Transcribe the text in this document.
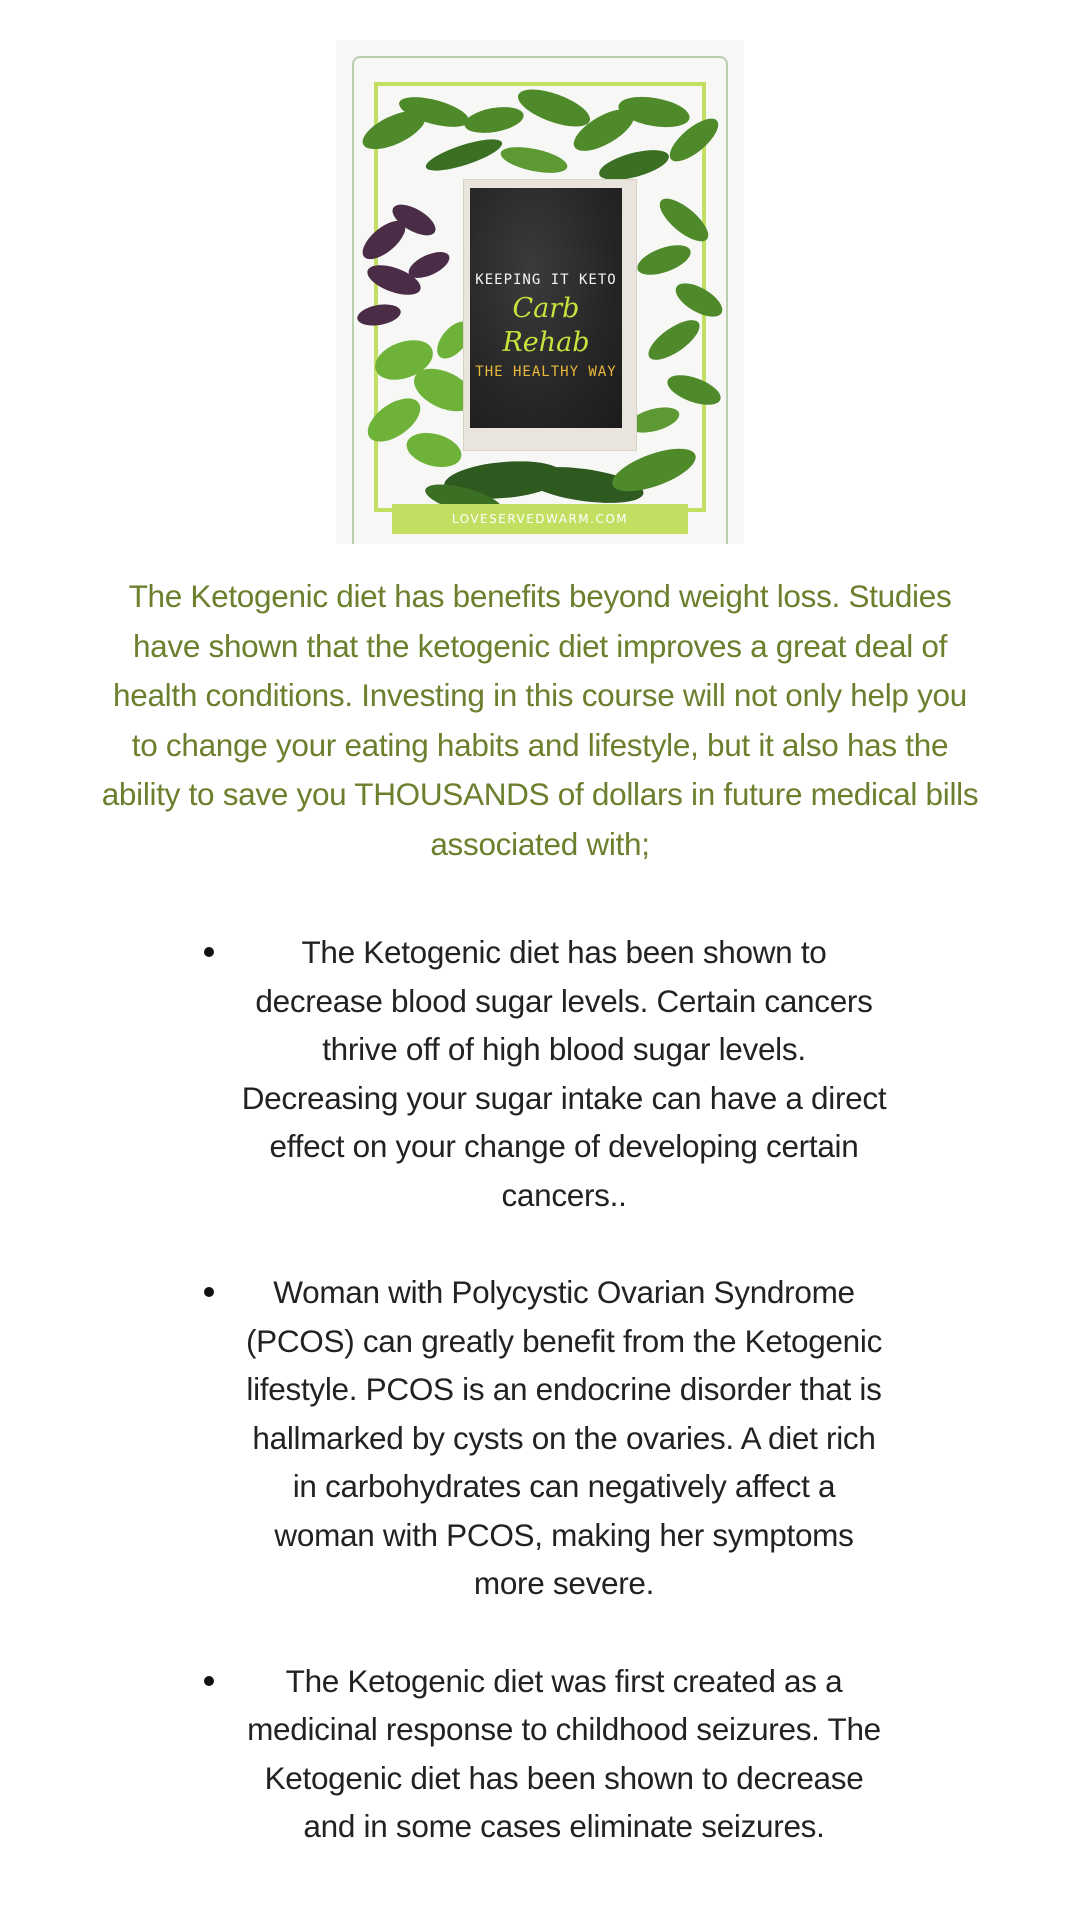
KEEPING IT KETO
Carb Rehab
THE HEALTHY WAY
LOVESERVEDWARM.COM

The Ketogenic diet has benefits beyond weight loss. Studies have shown that the ketogenic diet improves a great deal of health conditions. Investing in this course will not only help you to change your eating habits and lifestyle, but it also has the ability to save you THOUSANDS of dollars in future medical bills associated with;

The Ketogenic diet has been shown to decrease blood sugar levels. Certain cancers thrive off of high blood sugar levels. Decreasing your sugar intake can have a direct effect on your change of developing certain cancers..
Woman with Polycystic Ovarian Syndrome (PCOS) can greatly benefit from the Ketogenic lifestyle. PCOS is an endocrine disorder that is hallmarked by cysts on the ovaries. A diet rich in carbohydrates can negatively affect a woman with PCOS, making her symptoms more severe.
The Ketogenic diet was first created as a medicinal response to childhood seizures. The Ketogenic diet has been shown to decrease and in some cases eliminate seizures.
